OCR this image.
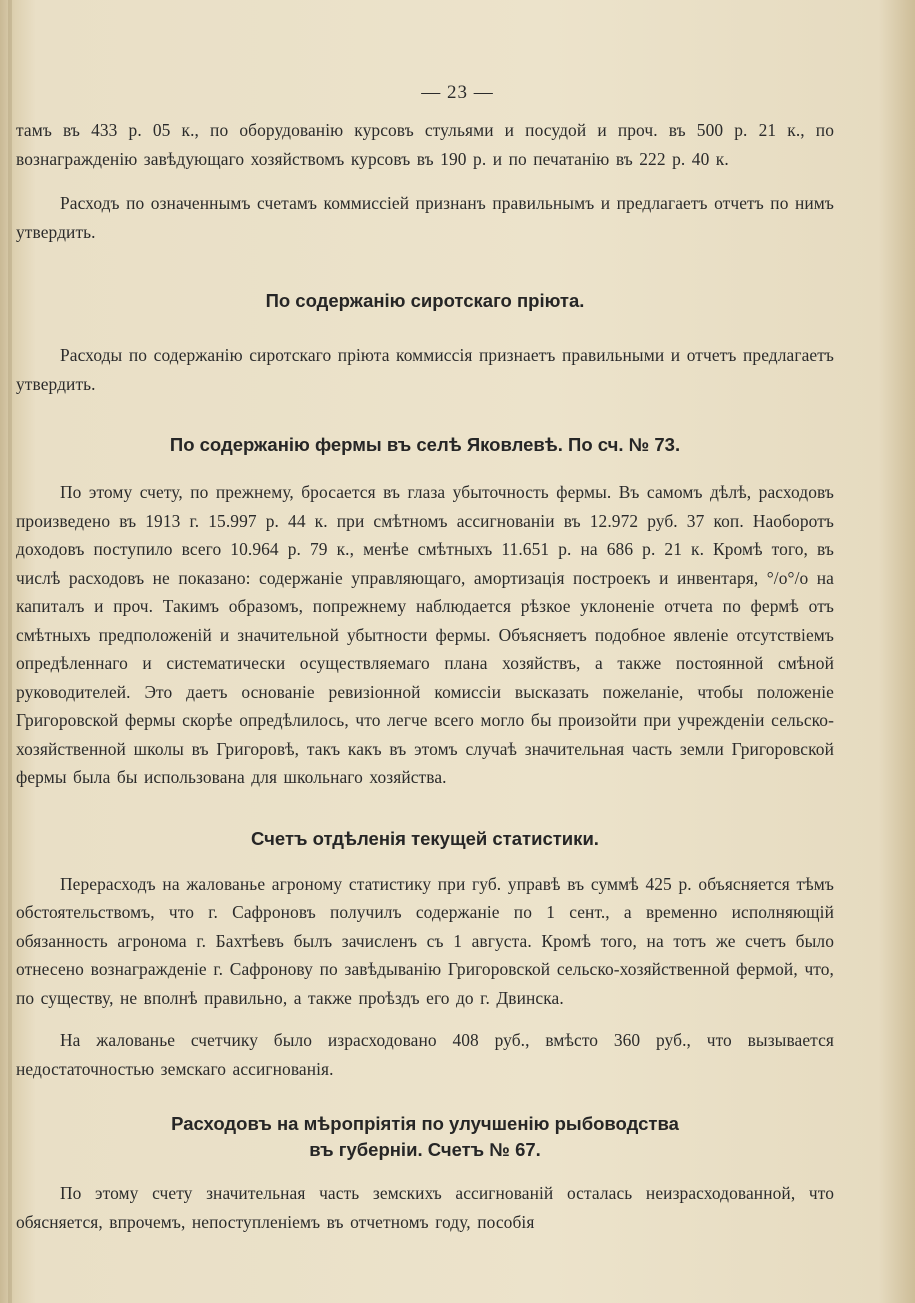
— 23 —

тамъ въ 433 р. 05 к., по оборудованію курсовъ стульями и посудой и проч. въ 500 р. 21 к., по вознагражденію завѣдующаго хозяйствомъ курсовъ въ 190 р. и по печатанію въ 222 р. 40 к.

Расходъ по означеннымъ счетамъ коммиссіей признанъ правильнымъ и предлагаетъ отчетъ по нимъ утвердить.

По содержанію сиротскаго пріюта.

Расходы по содержанію сиротскаго пріюта коммиссія признаетъ правильными и отчетъ предлагаетъ утвердить.

По содержанію фермы въ селѣ Яковлевѣ. По сч. № 73.

По этому счету, по прежнему, бросается въ глаза убыточность фермы. Въ самомъ дѣлѣ, расходовъ произведено въ 1913 г. 15.997 р. 44 к. при смѣтномъ ассигнованіи въ 12.972 руб. 37 коп. Наоборотъ доходовъ поступило всего 10.964 р. 79 к., менѣе смѣтныхъ 11.651 р. на 686 р. 21 к. Кромѣ того, въ числѣ расходовъ не показано: содержаніе управляющаго, амортизація построекъ и инвентаря, °/о°/о на капиталъ и проч. Такимъ образомъ, попрежнему наблюдается рѣзкое уклоненіе отчета по фермѣ отъ смѣтныхъ предположеній и значительной убытности фермы. Объясняетъ подобное явленіе отсутствіемъ опредѣленнаго и систематически осуществляемаго плана хозяйствъ, а также постоянной смѣной руководителей. Это даетъ основаніе ревизіонной комиссіи высказать пожеланіе, чтобы положеніе Григоровской фермы скорѣе опредѣлилось, что легче всего могло бы произойти при учрежденіи сельско-хозяйственной школы въ Григоровѣ, такъ какъ въ этомъ случаѣ значительная часть земли Григоровской фермы была бы использована для школьнаго хозяйства.

Счетъ отдѣленія текущей статистики.

Перерасходъ на жалованье агроному статистику при губ. управѣ въ суммѣ 425 р. объясняется тѣмъ обстоятельствомъ, что г. Сафроновъ получилъ содержаніе по 1 сент., а временно исполняющій обязанность агронома г. Бахтѣевъ былъ зачисленъ съ 1 августа. Кромѣ того, на тотъ же счетъ было отнесено вознагражденіе г. Сафронову по завѣдыванію Григоровской сельско-хозяйственной фермой, что, по существу, не вполнѣ правильно, а также проѣздъ его до г. Двинска.

На жалованье счетчику было израсходовано 408 руб., вмѣсто 360 руб., что вызывается недостаточностью земскаго ассигнованія.

Расходовъ на мѣропріятія по улучшенію рыбоводства
въ губерніи. Счетъ № 67.

По этому счету значительная часть земскихъ ассигнованій осталась неизрасходованной, что обясняется, впрочемъ, непоступленіемъ въ отчетномъ году, пособія
